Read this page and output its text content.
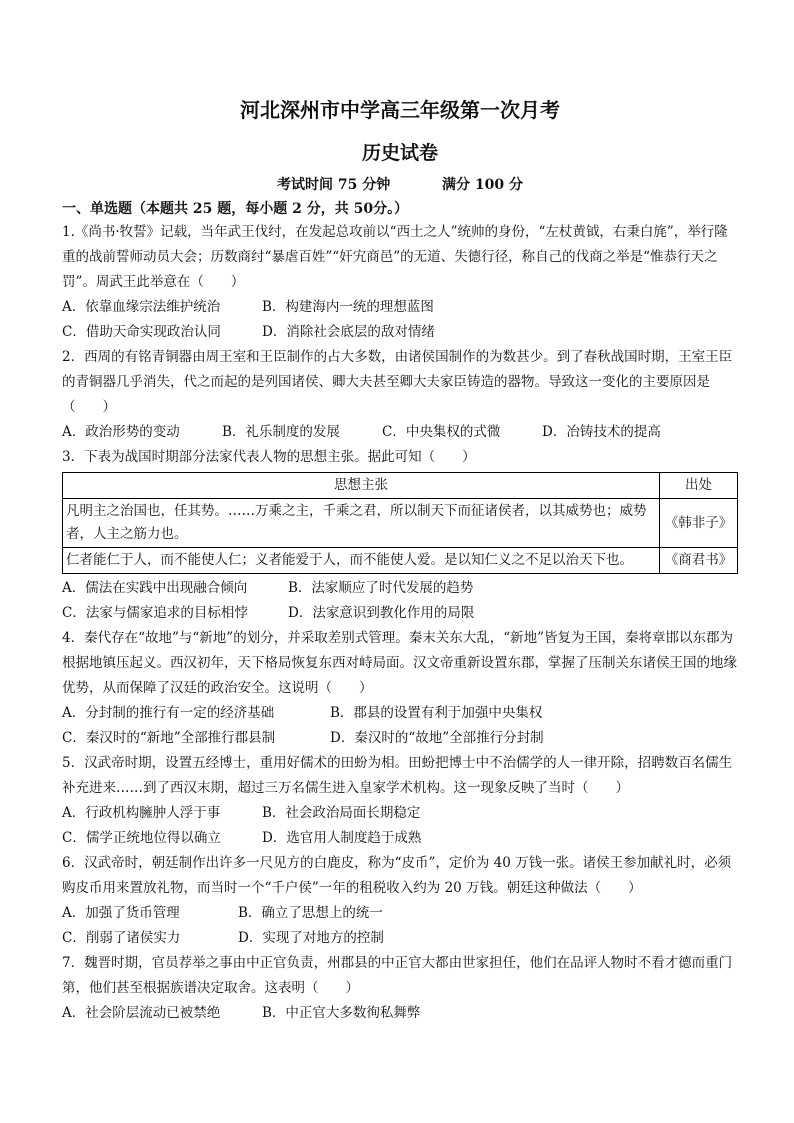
河北深州市中学高三年级第一次月考
历史试卷
考试时间 75 分钟	满分 100 分
一、单选题（本题共 25 题，每小题 2 分，共 50分。）

1.《尚书·牧誓》记载，当年武王伐纣，在发起总攻前以“西土之人”统帅的身份，“左杖黄钺，右秉白旄”，举行隆重的战前誓师动员大会；历数商纣“暴虐百姓”“奸宄商邑”的无道、失德行径，称自己的伐商之举是“惟恭行天之罚”。周武王此举意在（　　）

A．依靠血缘宗法维护统治	B．构建海内一统的理想蓝图
C．借助天命实现政治认同	D．消除社会底层的敌对情绪

2．西周的有铭青铜器由周王室和王臣制作的占大多数，由诸侯国制作的为数甚少。到了春秋战国时期，王室王臣的青铜器几乎消失，代之而起的是列国诸侯、卿大夫甚至卿大夫家臣铸造的器物。导致这一变化的主要原因是（　　）

A．政治形势的变动	B．礼乐制度的发展	C．中央集权的式微	D．冶铸技术的提高

3．下表为战国时期部分法家代表人物的思想主张。据此可知（　　）

思想主张	出处
凡明主之治国也，任其势。……万乘之主，千乘之君，所以制天下而征诸侯者，以其威势也；威势者，人主之筋力也。	《韩非子》
仁者能仁于人，而不能使人仁；义者能爱于人，而不能使人爱。是以知仁义之不足以治天下也。	《商君书》
A．儒法在实践中出现融合倾向	B．法家顺应了时代发展的趋势
C．法家与儒家追求的目标相悖	D．法家意识到教化作用的局限

4．秦代存在“故地”与“新地”的划分，并采取差别式管理。秦末关东大乱，“新地”皆复为王国，秦将章邯以东郡为根据地镇压起义。西汉初年，天下格局恢复东西对峙局面。汉文帝重新设置东郡，掌握了压制关东诸侯王国的地缘优势，从而保障了汉廷的政治安全。这说明（　　）

A．分封制的推行有一定的经济基础	B．郡县的设置有利于加强中央集权
C．秦汉时的“新地”全部推行郡县制	D．秦汉时的“故地”全部推行分封制

5．汉武帝时期，设置五经博士，重用好儒术的田蚡为相。田蚡把博士中不治儒学的人一律开除，招聘数百名儒生补充进来……到了西汉末期，超过三万名儒生进入皇家学术机构。这一现象反映了当时（　　）

A．行政机构臃肿人浮于事	B．社会政治局面长期稳定
C．儒学正统地位得以确立	D．选官用人制度趋于成熟

6．汉武帝时，朝廷制作出许多一尺见方的白鹿皮，称为“皮币”，定价为 40 万钱一张。诸侯王参加献礼时，必须购皮币用来置放礼物，而当时一个“千户侯”一年的租税收入约为 20 万钱。朝廷这种做法（　　）

A．加强了货币管理	B．确立了思想上的统一
C．削弱了诸侯实力	D．实现了对地方的控制

7．魏晋时期，官员荐举之事由中正官负责，州郡县的中正官大都由世家担任，他们在品评人物时不看才德而重门第，他们甚至根据族谱决定取舍。这表明（　　）

A．社会阶层流动已被禁绝	B．中正官大多数徇私舞弊
